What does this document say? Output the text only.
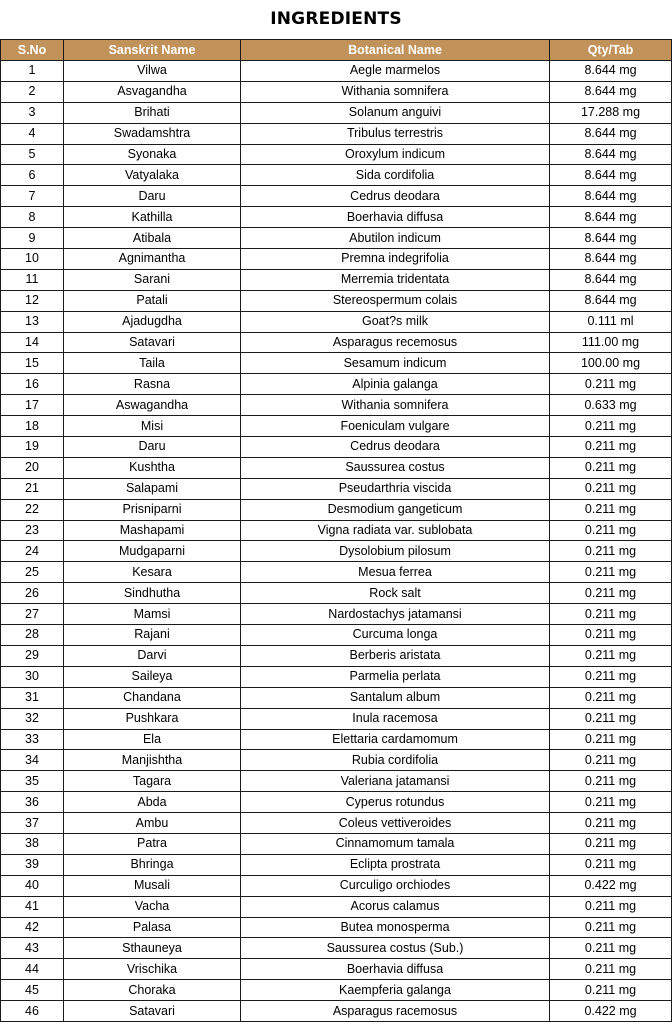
INGREDIENTS
S.No	Sanskrit Name	Botanical Name	Qty/Tab
1	Vilwa	Aegle marmelos	8.644 mg
2	Asvagandha	Withania somnifera	8.644 mg
3	Brihati	Solanum anguivi	17.288 mg
4	Swadamshtra	Tribulus terrestris	8.644 mg
5	Syonaka	Oroxylum indicum	8.644 mg
6	Vatyalaka	Sida cordifolia	8.644 mg
7	Daru	Cedrus deodara	8.644 mg
8	Kathilla	Boerhavia diffusa	8.644 mg
9	Atibala	Abutilon indicum	8.644 mg
10	Agnimantha	Premna indegrifolia	8.644 mg
11	Sarani	Merremia tridentata	8.644 mg
12	Patali	Stereospermum colais	8.644 mg
13	Ajadugdha	Goat?s milk	0.111 ml
14	Satavari	Asparagus recemosus	111.00 mg
15	Taila	Sesamum indicum	100.00 mg
16	Rasna	Alpinia galanga	0.211 mg
17	Aswagandha	Withania somnifera	0.633 mg
18	Misi	Foeniculam vulgare	0.211 mg
19	Daru	Cedrus deodara	0.211 mg
20	Kushtha	Saussurea costus	0.211 mg
21	Salapami	Pseudarthria viscida	0.211 mg
22	Prisniparni	Desmodium gangeticum	0.211 mg
23	Mashapami	Vigna radiata var. sublobata	0.211 mg
24	Mudgaparni	Dysolobium pilosum	0.211 mg
25	Kesara	Mesua ferrea	0.211 mg
26	Sindhutha	Rock salt	0.211 mg
27	Mamsi	Nardostachys jatamansi	0.211 mg
28	Rajani	Curcuma longa	0.211 mg
29	Darvi	Berberis aristata	0.211 mg
30	Saileya	Parmelia perlata	0.211 mg
31	Chandana	Santalum album	0.211 mg
32	Pushkara	Inula racemosa	0.211 mg
33	Ela	Elettaria cardamomum	0.211 mg
34	Manjishtha	Rubia cordifolia	0.211 mg
35	Tagara	Valeriana jatamansi	0.211 mg
36	Abda	Cyperus rotundus	0.211 mg
37	Ambu	Coleus vettiveroides	0.211 mg
38	Patra	Cinnamomum tamala	0.211 mg
39	Bhringa	Eclipta prostrata	0.211 mg
40	Musali	Curculigo orchiodes	0.422 mg
41	Vacha	Acorus calamus	0.211 mg
42	Palasa	Butea monosperma	0.211 mg
43	Sthauneya	Saussurea costus (Sub.)	0.211 mg
44	Vrischika	Boerhavia diffusa	0.211 mg
45	Choraka	Kaempferia galanga	0.211 mg
46	Satavari	Asparagus racemosus	0.422 mg
